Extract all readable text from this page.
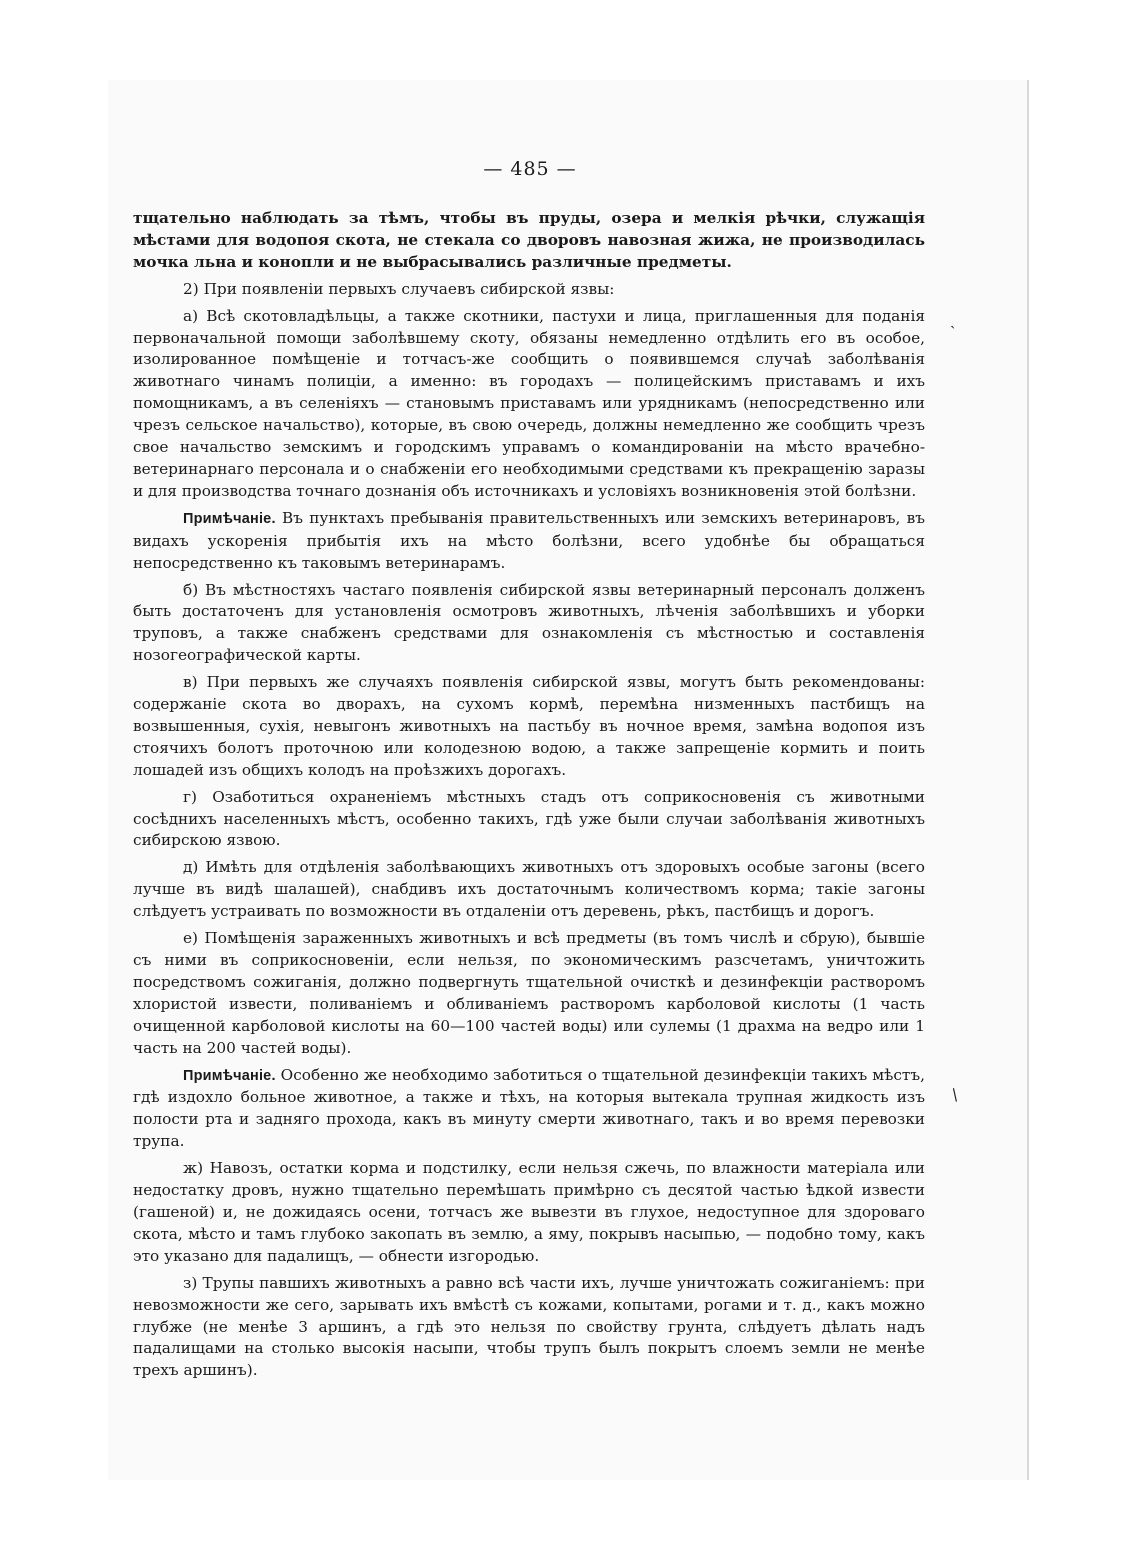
— 485 —

тщательно наблюдать за тѣмъ, чтобы въ пруды, озера и мелкія рѣчки, служащія мѣстами для водопоя скота, не стекала со дворовъ навозная жижа, не производилась мочка льна и конопли и не выбрасывались различные предметы.

2) При появленіи первыхъ случаевъ сибирской язвы:

а) Всѣ скотовладѣльцы, а также скотники, пастухи и лица, приглашенныя для поданія первоначальной помощи заболѣвшему скоту, обязаны немедленно отдѣлить его въ особое, изолированное помѣщеніе и тотчасъ-же сообщить о появившемся случаѣ заболѣванія животнаго чинамъ полиціи, а именно: въ городахъ — полицейскимъ приставамъ и ихъ помощникамъ, а въ селеніяхъ — становымъ приставамъ или урядникамъ (непосредственно или чрезъ сельское начальство), которые, въ свою очередь, должны немедленно же сообщить чрезъ свое начальство земскимъ и городскимъ управамъ о командированіи на мѣсто врачебно-ветеринарнаго персонала и о снабженіи его необходимыми средствами къ прекращенію заразы и для производства точнаго дознанія объ источникахъ и условіяхъ возникновенія этой болѣзни.

Примѣчаніе. Въ пунктахъ пребыванія правительственныхъ или земскихъ ветеринаровъ, въ видахъ ускоренія прибытія ихъ на мѣсто болѣзни, всего удобнѣе бы обращаться непосредственно къ таковымъ ветеринарамъ.

б) Въ мѣстностяхъ частаго появленія сибирской язвы ветеринарный персоналъ долженъ быть достаточенъ для установленія осмотровъ животныхъ, лѣченія заболѣвшихъ и уборки труповъ, а также снабженъ средствами для ознакомленія съ мѣстностью и составленія нозогеографической карты.

в) При первыхъ же случаяхъ появленія сибирской язвы, могутъ быть рекомендованы: содержаніе скота во дворахъ, на сухомъ кормѣ, перемѣна низменныхъ пастбищъ на возвышенныя, сухія, невыгонъ животныхъ на пастьбу въ ночное время, замѣна водопоя изъ стоячихъ болотъ проточною или колодезною водою, а также запрещеніе кормить и поить лошадей изъ общихъ колодъ на проѣзжихъ дорогахъ.

г) Озаботиться охраненіемъ мѣстныхъ стадъ отъ соприкосновенія съ животными сосѣднихъ населенныхъ мѣстъ, особенно такихъ, гдѣ уже были случаи заболѣванія животныхъ сибирскою язвою.

д) Имѣть для отдѣленія заболѣвающихъ животныхъ отъ здоровыхъ особые загоны (всего лучше въ видѣ шалашей), снабдивъ ихъ достаточнымъ количествомъ корма; такіе загоны слѣдуетъ устраивать по возможности въ отдаленіи отъ деревень, рѣкъ, пастбищъ и дорогъ.

е) Помѣщенія зараженныхъ животныхъ и всѣ предметы (въ томъ числѣ и сбрую), бывшіе съ ними въ соприкосновеніи, если нельзя, по экономическимъ разсчетамъ, уничтожить посредствомъ сожиганія, должно подвергнуть тщательной очисткѣ и дезинфекціи растворомъ хлористой извести, поливаніемъ и обливаніемъ растворомъ карболовой кислоты (1 часть очищенной карболовой кислоты на 60—100 частей воды) или сулемы (1 драхма на ведро или 1 часть на 200 частей воды).

Примѣчаніе. Особенно же необходимо заботиться о тщательной дезинфекціи такихъ мѣстъ, гдѣ издохло больное животное, а также и тѣхъ, на которыя вытекала трупная жидкость изъ полости рта и задняго прохода, какъ въ минуту смерти животнаго, такъ и во время перевозки трупа.

ж) Навозъ, остатки корма и подстилку, если нельзя сжечь, по влажности матеріала или недостатку дровъ, нужно тщательно перемѣшать примѣрно съ десятой частью ѣдкой извести (гашеной) и, не дожидаясь осени, тотчасъ же вывезти въ глухое, недоступное для здороваго скота, мѣсто и тамъ глубоко закопать въ землю, а яму, покрывъ насыпью, — подобно тому, какъ это указано для падалищъ, — обнести изгородью.

з) Трупы павшихъ животныхъ а равно всѣ части ихъ, лучше уничтожать сожиганіемъ: при невозможности же сего, зарывать ихъ вмѣстѣ съ кожами, копытами, рогами и т. д., какъ можно глубже (не менѣе 3 аршинъ, а гдѣ это нельзя по свойству грунта, слѣдуетъ дѣлать надъ падалищами на столько высокія насыпи, чтобы трупъ былъ покрытъ слоемъ земли не менѣе трехъ аршинъ).

ˏ
/
